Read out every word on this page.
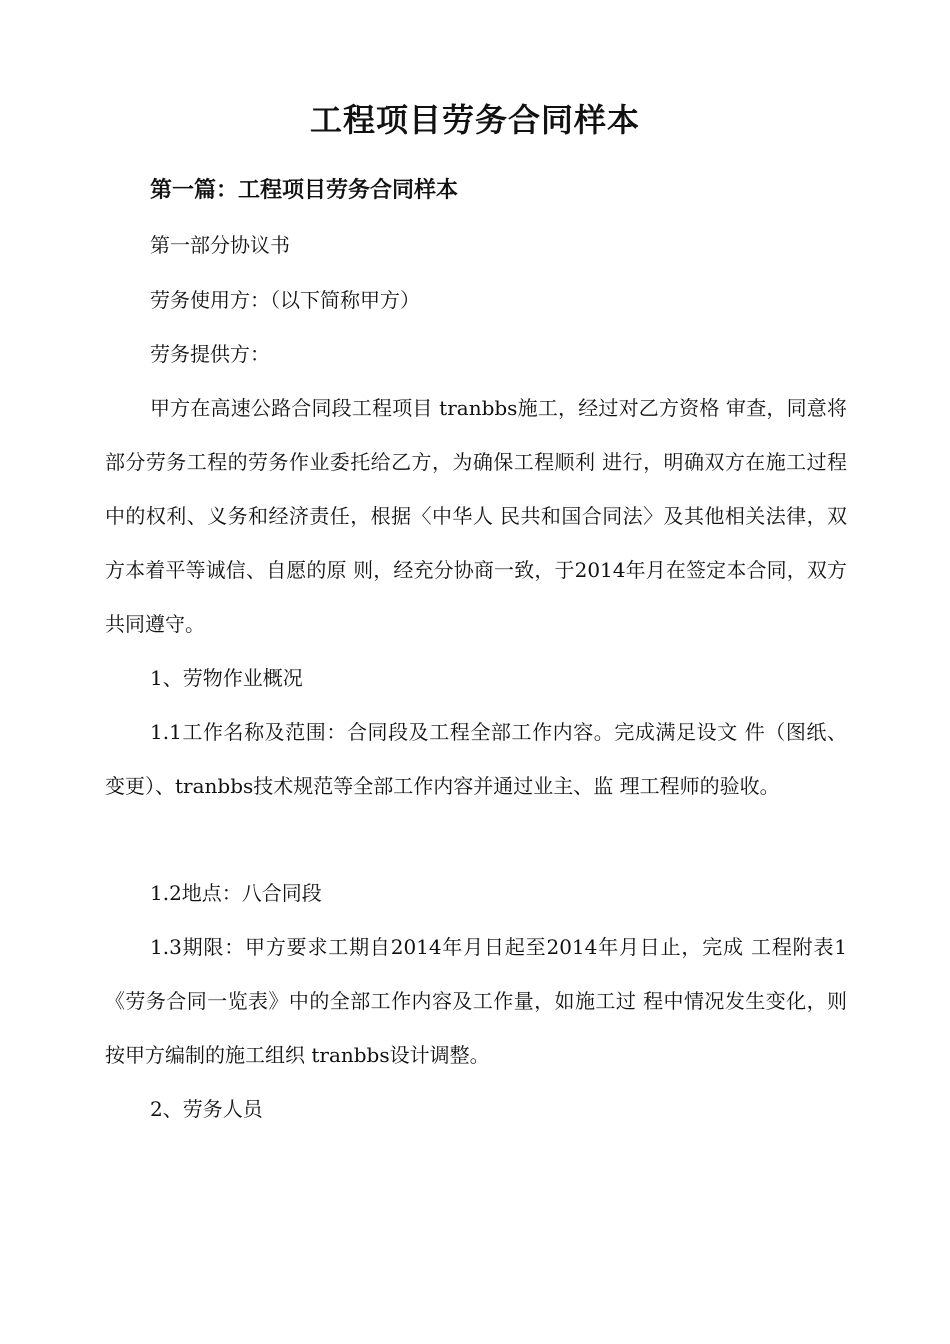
工程项目劳务合同样本
第一篇：工程项目劳务合同样本
第一部分协议书
劳务使用方：（以下简称甲方）
劳务提供方：

甲方在高速公路合同段工程项目 tranbbs施工，经过对乙方资格 审查，同意将部分劳务工程的劳务作业委托给乙方，为确保工程顺利 进行，明确双方在施工过程中的权利、义务和经济责任，根据〈中华人 民共和国合同法〉及其他相关法律，双方本着平等诚信、自愿的原 则，经充分协商一致，于2014年月在签定本合同，双方共同遵守。

1、劳物作业概况

1.1工作名称及范围：合同段及工程全部工作内容。完成满足设文 件（图纸、变更）、tranbbs技术规范等全部工作内容并通过业主、监 理工程师的验收。

1.2地点：八合同段

1.3期限：甲方要求工期自2014年月日起至2014年月日止，完成 工程附表1《劳务合同一览表》中的全部工作内容及工作量，如施工过 程中情况发生变化，则按甲方编制的施工组织 tranbbs设计调整。

2、劳务人员
